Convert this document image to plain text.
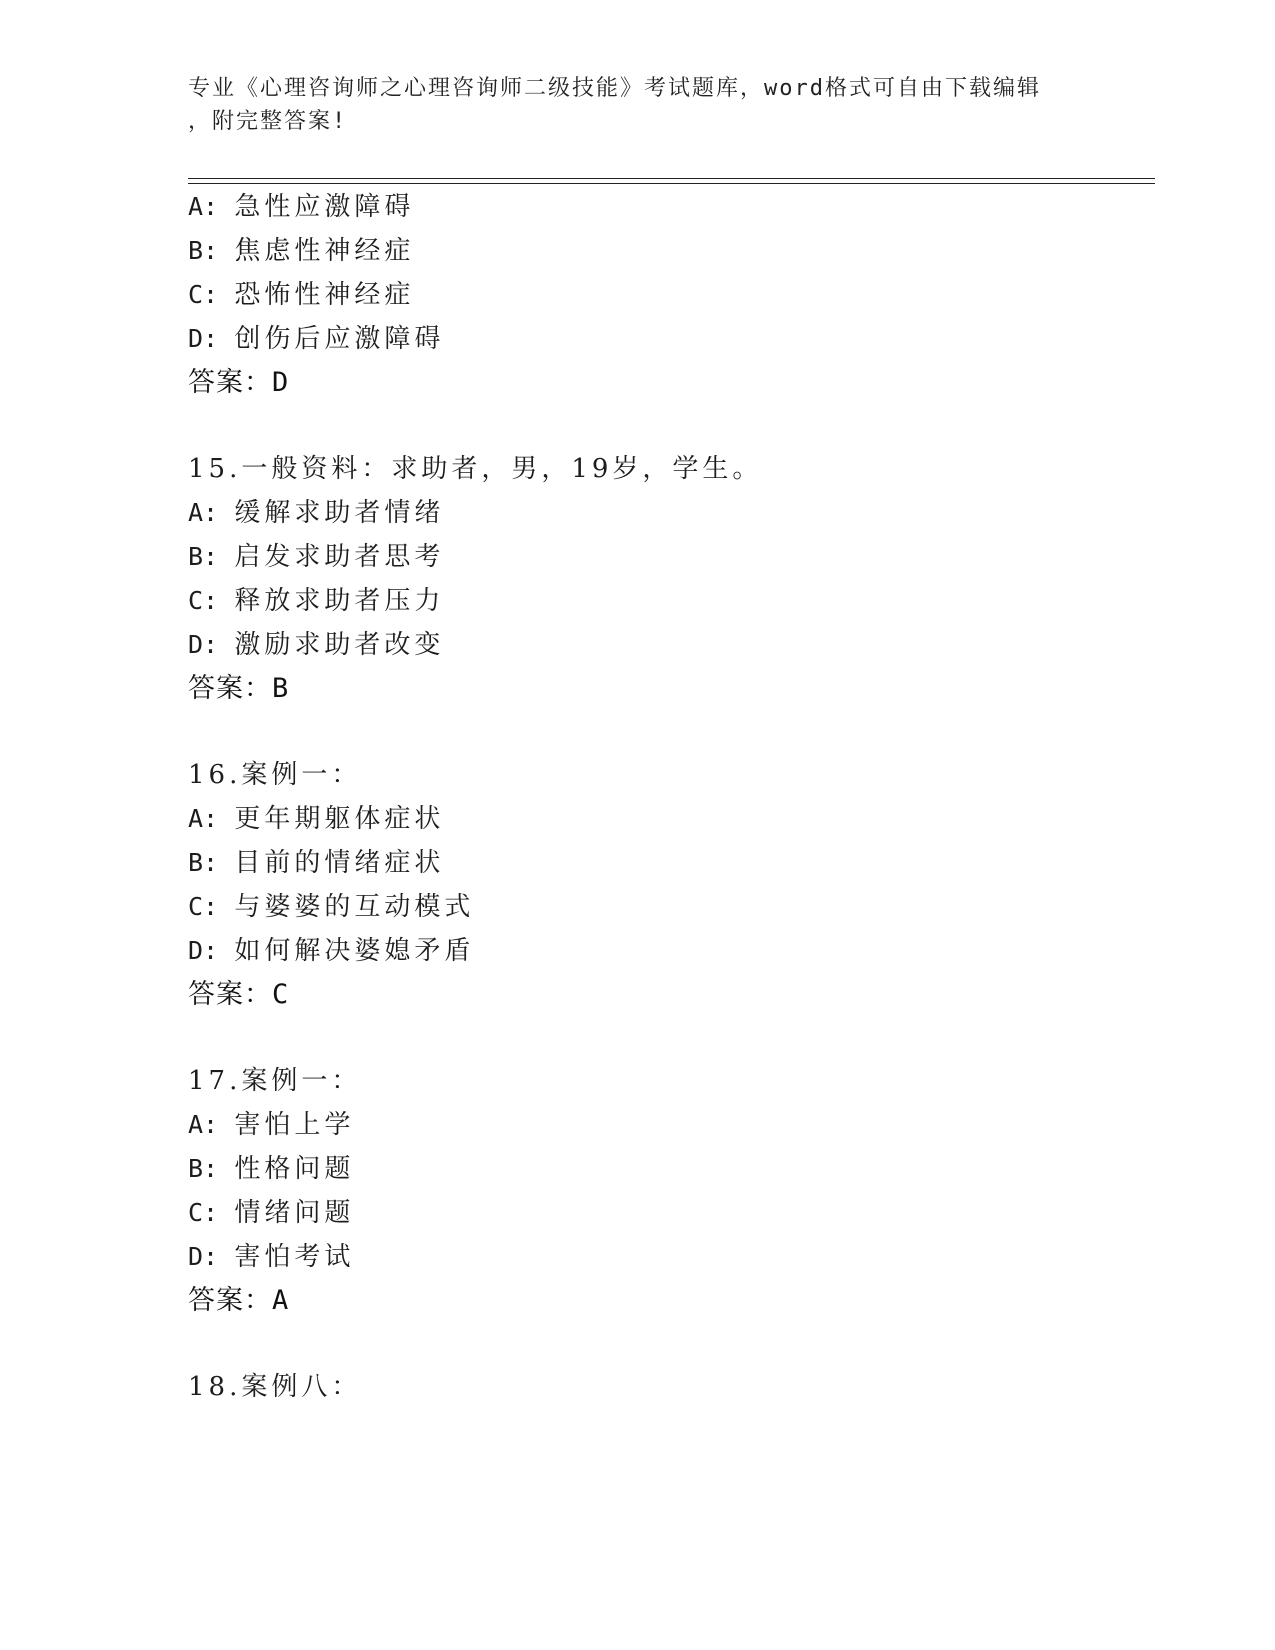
专业《心理咨询师之心理咨询师二级技能》考试题库，word格式可自由下载编辑
，附完整答案!
A: 急性应激障碍
B: 焦虑性神经症
C: 恐怖性神经症
D: 创伤后应激障碍
答案：D
15.一般资料：求助者，男，19岁，学生。
A: 缓解求助者情绪
B: 启发求助者思考
C: 释放求助者压力
D: 激励求助者改变
答案：B
16.案例一：
A: 更年期躯体症状
B: 目前的情绪症状
C: 与婆婆的互动模式
D: 如何解决婆媳矛盾
答案：C
17.案例一：
A: 害怕上学
B: 性格问题
C: 情绪问题
D: 害怕考试
答案：A
18.案例八：
